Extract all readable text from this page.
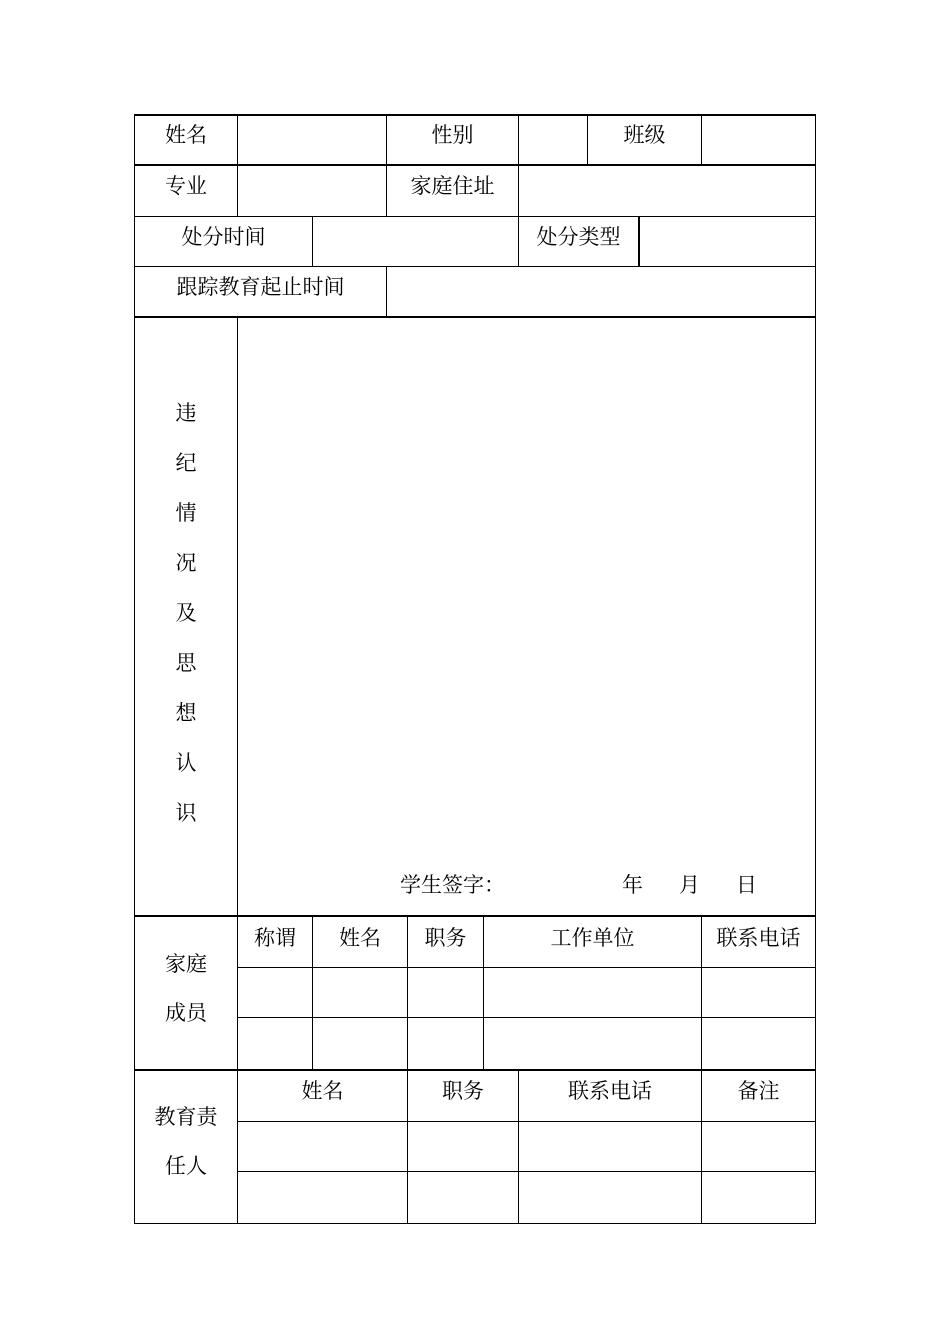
姓名	性别	班级
专业	家庭住址
处分时间	处分类型
跟踪教育起止时间
违
纪
情
况
及
思
想
认
识
学生签字：	年 月 日
家庭
成员
称谓	姓名	职务	工作单位	联系电话
教育责
任人
姓名	职务	联系电话	备注
